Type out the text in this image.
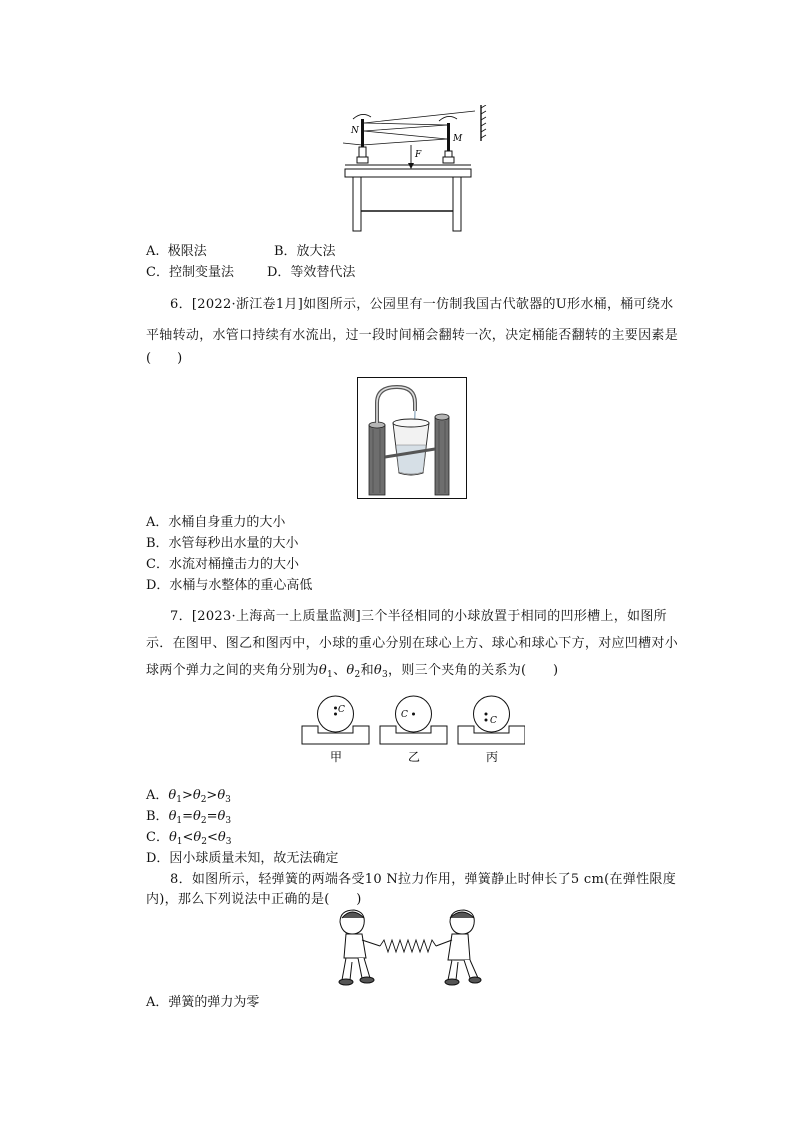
N
M
F
A.  极限法	B．放大法
C．控制变量法	D．等效替代法
6．[2022·浙江卷1月]如图所示，公园里有一仿制我国古代欹器的U形水桶，桶可绕水
平轴转动，水管口持续有水流出，过一段时间桶会翻转一次，决定桶能否翻转的主要因素是
(　　)
A．水桶自身重力的大小
B．水管每秒出水量的大小
C．水流对桶撞击力的大小
D．水桶与水整体的重心高低
7．[2023·上海高一上质量监测]三个半径相同的小球放置于相同的凹形槽上，如图所
示．在图甲、图乙和图丙中，小球的重心分别在球心上方、球心和球心下方，对应凹槽对小
球两个弹力之间的夹角分别为$\theta_1$、$\theta_2$和$\theta_3$，则三个夹角的关系为(　　)
C	C
C
甲	乙	丙
A．$\theta_1>\theta_2>\theta_3$
B．$\theta_1=\theta_2=\theta_3$
C．$\theta_1<\theta_2<\theta_3$
D．因小球质量未知，故无法确定
8．如图所示，轻弹簧的两端各受10 N拉力作用，弹簧静止时伸长了5 cm(在弹性限度
内)，那么下列说法中正确的是(　　)
A．弹簧的弹力为零
